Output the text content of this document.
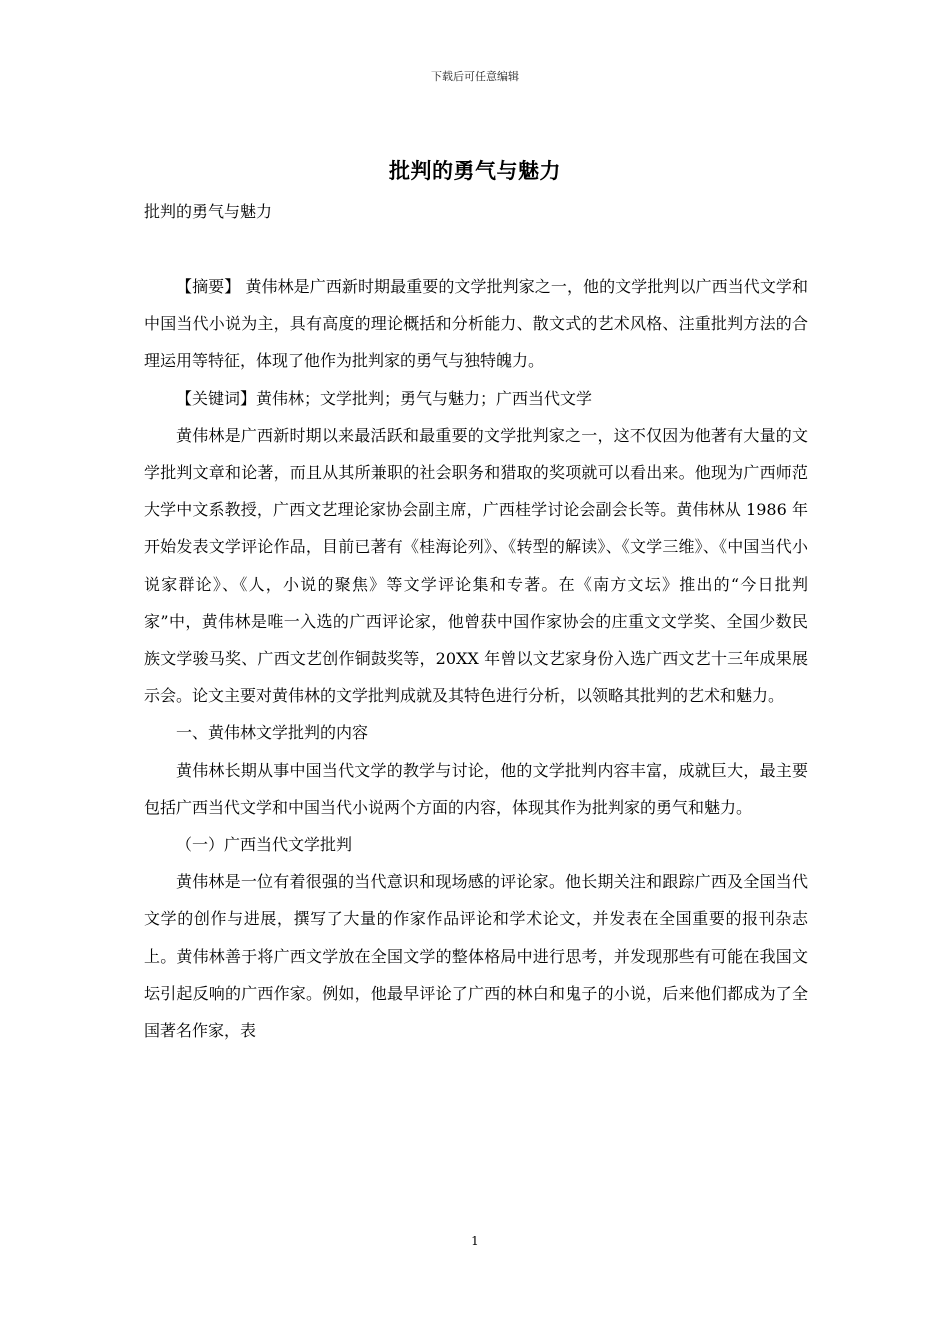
下载后可任意编辑
批判的勇气与魅力
批判的勇气与魅力

【摘要】 黄伟林是广西新时期最重要的文学批判家之一，他的文学批判以广西当代文学和中国当代小说为主，具有高度的理论概括和分析能力、散文式的艺术风格、注重批判方法的合理运用等特征，体现了他作为批判家的勇气与独特魄力。

【关键词】黄伟林；文学批判；勇气与魅力；广西当代文学

黄伟林是广西新时期以来最活跃和最重要的文学批判家之一，这不仅因为他著有大量的文学批判文章和论著，而且从其所兼职的社会职务和猎取的奖项就可以看出来。他现为广西师范大学中文系教授，广西文艺理论家协会副主席，广西桂学讨论会副会长等。黄伟林从 1986 年开始发表文学评论作品，目前已著有《桂海论列》、《转型的解读》、《文学三维》、《中国当代小说家群论》、《人，小说的聚焦》等文学评论集和专著。在《南方文坛》推出的“今日批判家”中，黄伟林是唯一入选的广西评论家，他曾获中国作家协会的庄重文文学奖、全国少数民族文学骏马奖、广西文艺创作铜鼓奖等，20XX 年曾以文艺家身份入选广西文艺十三年成果展示会。论文主要对黄伟林的文学批判成就及其特色进行分析，以领略其批判的艺术和魅力。

一、黄伟林文学批判的内容

黄伟林长期从事中国当代文学的教学与讨论，他的文学批判内容丰富，成就巨大，最主要包括广西当代文学和中国当代小说两个方面的内容，体现其作为批判家的勇气和魅力。

（一）广西当代文学批判

黄伟林是一位有着很强的当代意识和现场感的评论家。他长期关注和跟踪广西及全国当代文学的创作与进展，撰写了大量的作家作品评论和学术论文，并发表在全国重要的报刊杂志上。黄伟林善于将广西文学放在全国文学的整体格局中进行思考，并发现那些有可能在我国文坛引起反响的广西作家。例如，他最早评论了广西的林白和鬼子的小说，后来他们都成为了全国著名作家，表

1
